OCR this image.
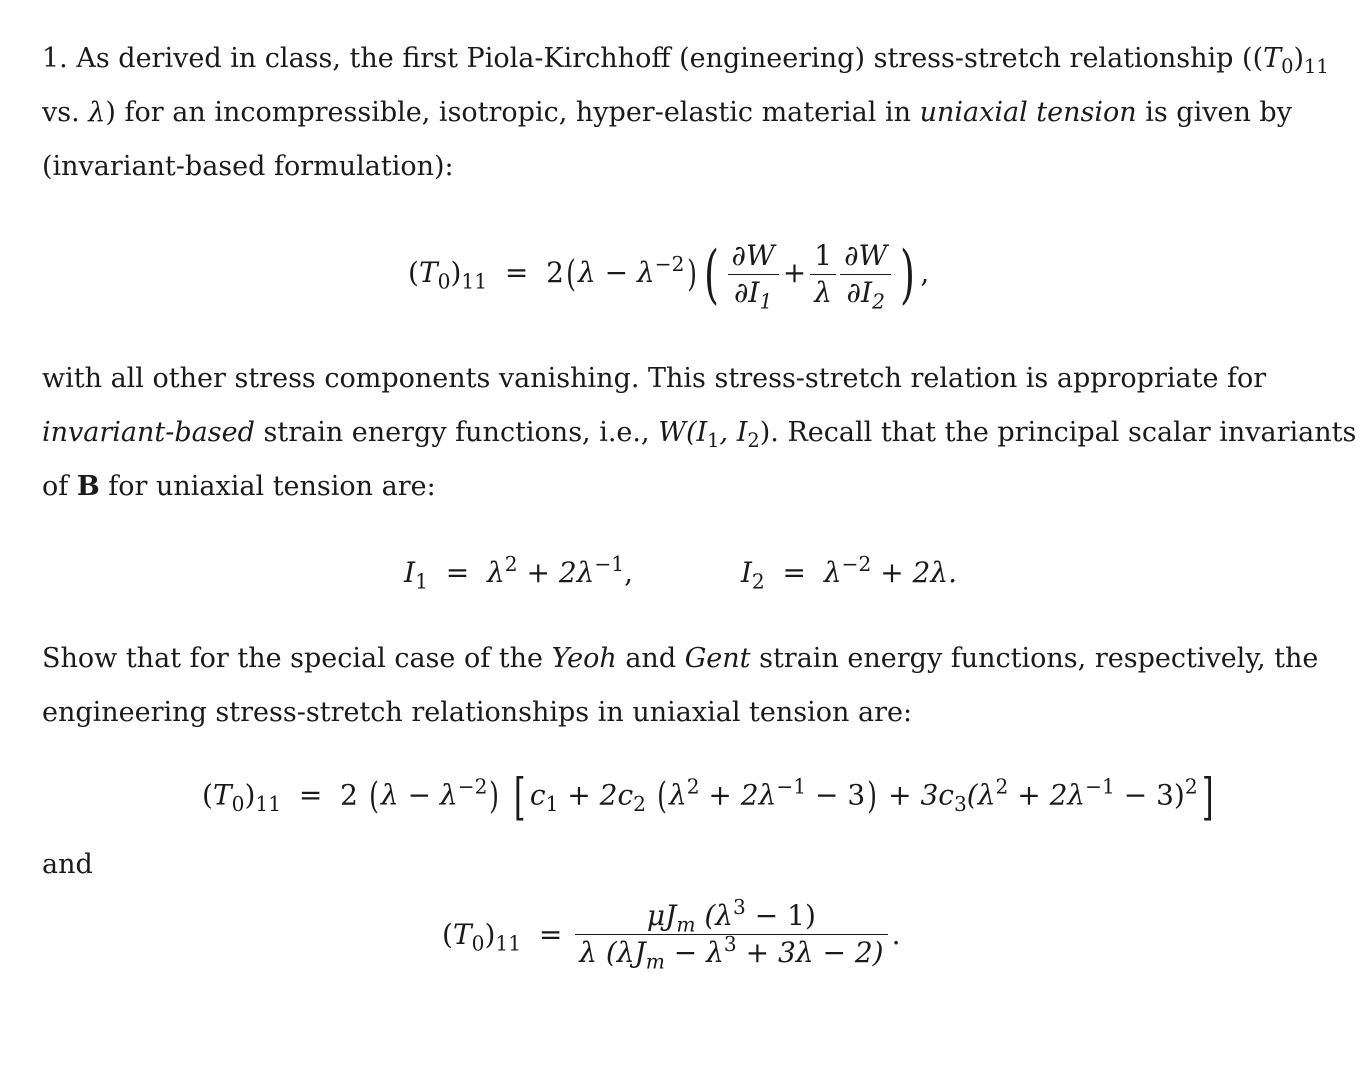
1. As derived in class, the first Piola-Kirchhoff (engineering) stress-stretch relationship ($(T_0)_{11}$
vs. λ) for an incompressible, isotropic, hyper-elastic material in uniaxial tension is given by
(invariant-based formulation):
$(T_0)_{11} = 2(\lambda - \lambda^{-2})$ ( $\frac{\partial W}{\partial I_1} + \frac{1}{\lambda} \frac{\partial W}{\partial I_2}$ ) ,
with all other stress components vanishing. This stress-stretch relation is appropriate for
invariant-based strain energy functions, i.e., $W(I_1$, $I_2$). Recall that the principal scalar invariants
of B for uniaxial tension are:
$I_1 = \lambda^2 + 2\lambda^{-1}$,	$I_2 = \lambda^{-2} + 2\lambda$.
Show that for the special case of the Yeoh and Gent strain energy functions, respectively, the
engineering stress-stretch relationships in uniaxial tension are:
$(T_0)_{11} = 2$ $(\lambda - \lambda^{-2})$ [ $c_1 + 2c_2$ $(\lambda^2 + 2\lambda^{-1} - 3) + 3c_3(\lambda^2 + 2\lambda^{-1} - 3)^2$]
and
$(T_0)_{11} = \frac{\mu J_m (\lambda^3 - 1)}{\lambda (\lambda J_m - \lambda^3 + 3\lambda - 2)}$ .
